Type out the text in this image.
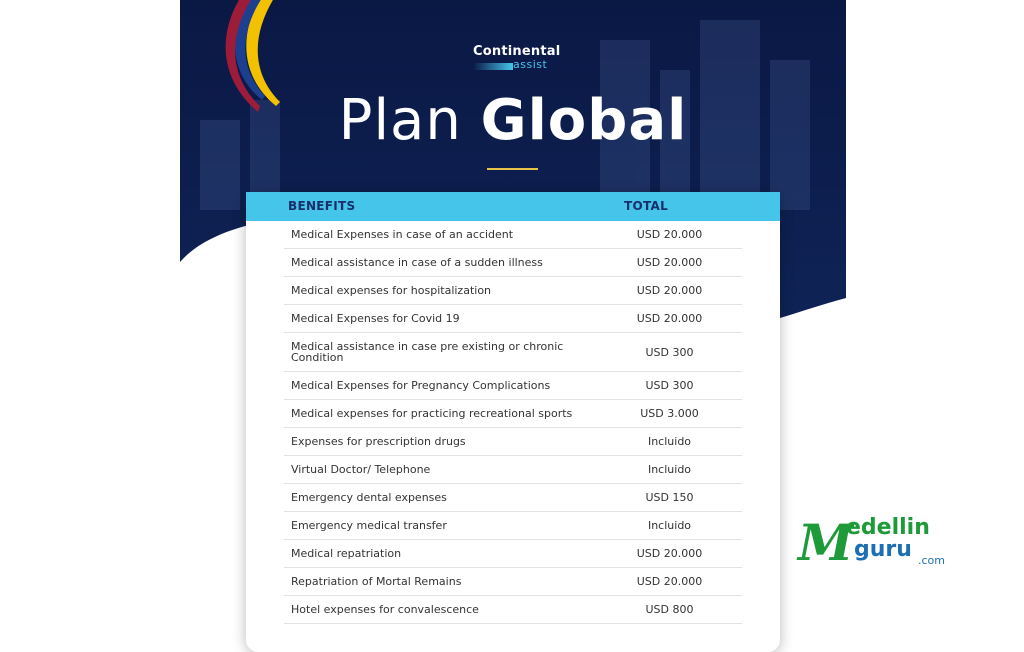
Continental
assist
Plan Global
BENEFITS	TOTAL
Medical Expenses in case of an accident	USD 20.000
Medical assistance in case of a sudden illness	USD 20.000
Medical expenses for hospitalization	USD 20.000
Medical Expenses for Covid 19	USD 20.000
Medical assistance in case pre existing or chronic Condition	USD 300
Medical Expenses for Pregnancy Complications	USD 300
Medical expenses for practicing recreational sports	USD 3.000
Expenses for prescription drugs	Incluido
Virtual Doctor/ Telephone	Incluido
Emergency dental expenses	USD 150
Emergency medical transfer	Incluido
Medical repatriation	USD 20.000
Repatriation of Mortal Remains	USD 20.000
Hotel expenses for convalescence	USD 800
M
edellin
guru .com
